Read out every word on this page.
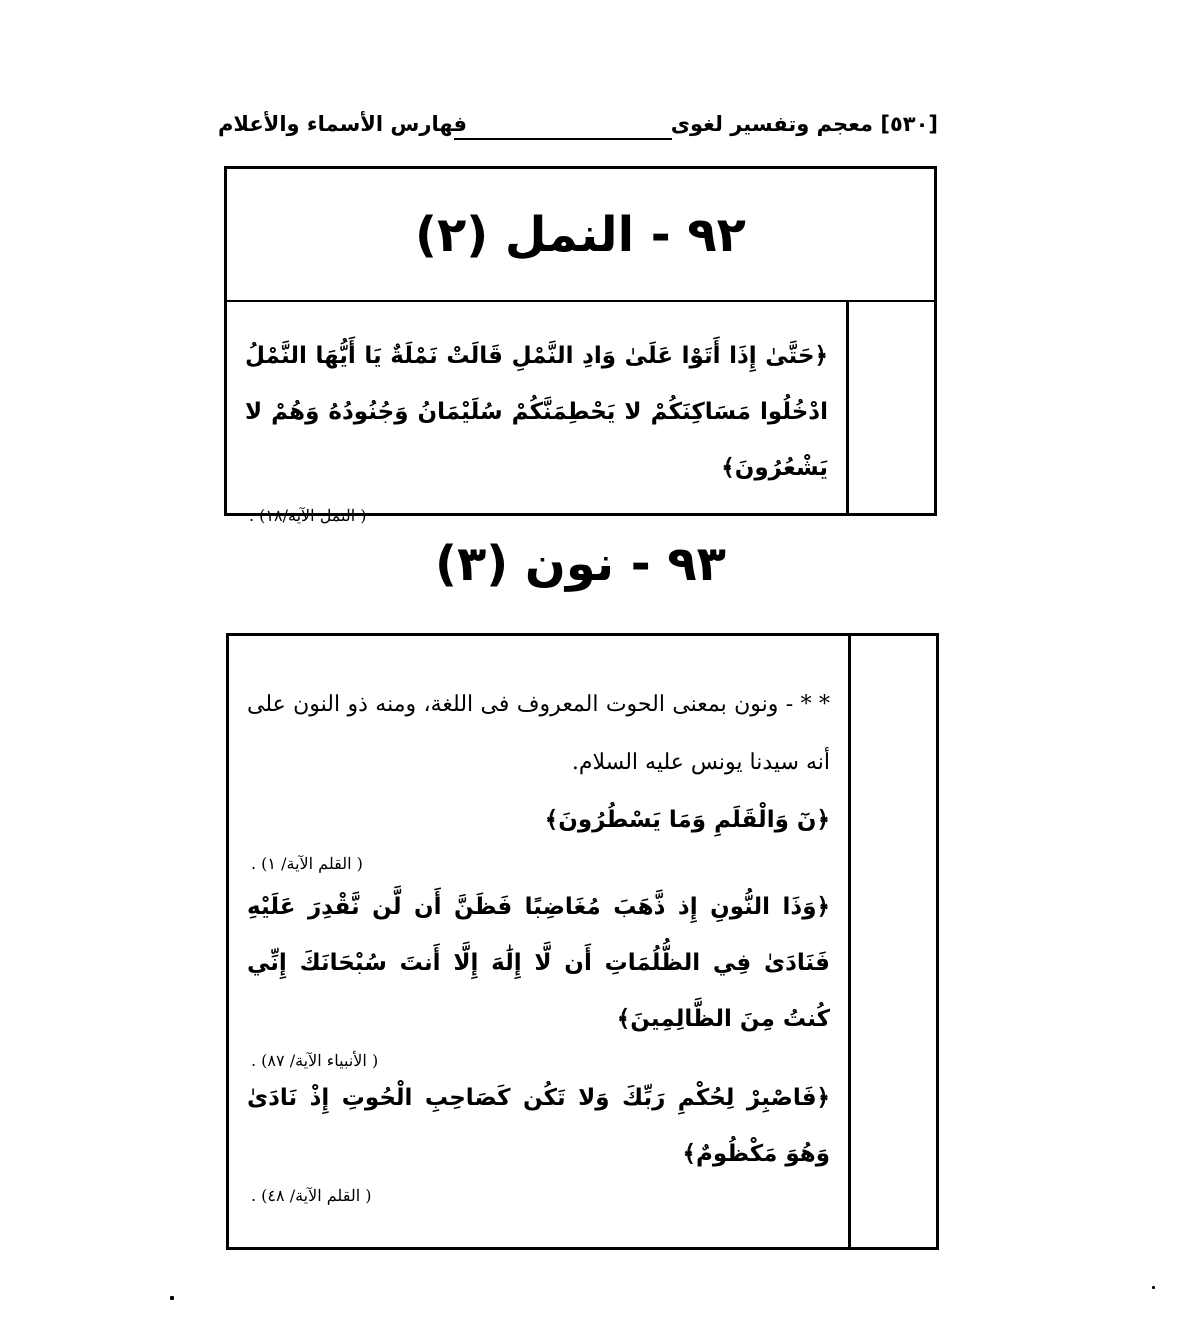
[٥٣٠] معجم وتفسير لغوى
فهارس الأسماء والأعلام
٩٢ - النمل (٢)
﴿حَتَّىٰ إِذَا أَتَوْا عَلَىٰ وَادِ النَّمْلِ قَالَتْ نَمْلَةٌ يَا أَيُّهَا النَّمْلُ ادْخُلُوا مَسَاكِنَكُمْ لا يَحْطِمَنَّكُمْ سُلَيْمَانُ وَجُنُودُهُ وَهُمْ لا يَشْعُرُونَ﴾
( النمل الآية/١٨) .
٩٣ - نون (٣)
* * - ونون بمعنى الحوت المعروف فى اللغة، ومنه ذو النون على أنه سيدنا يونس عليه السلام.
﴿نٓ وَالْقَلَمِ وَمَا يَسْطُرُونَ﴾
( القلم الآية/ ١) .
﴿وَذَا النُّونِ إِذ ذَّهَبَ مُغَاضِبًا فَظَنَّ أَن لَّن نَّقْدِرَ عَلَيْهِ فَنَادَىٰ فِي الظُّلُمَاتِ أَن لَّا إِلَٰهَ إِلَّا أَنتَ سُبْحَانَكَ إِنِّي كُنتُ مِنَ الظَّالِمِينَ﴾
( الأنبياء الآية/ ٨٧) .
﴿فَاصْبِرْ لِحُكْمِ رَبِّكَ وَلا تَكُن كَصَاحِبِ الْحُوتِ إِذْ نَادَىٰ وَهُوَ مَكْظُومٌ﴾
( القلم الآية/ ٤٨) .
